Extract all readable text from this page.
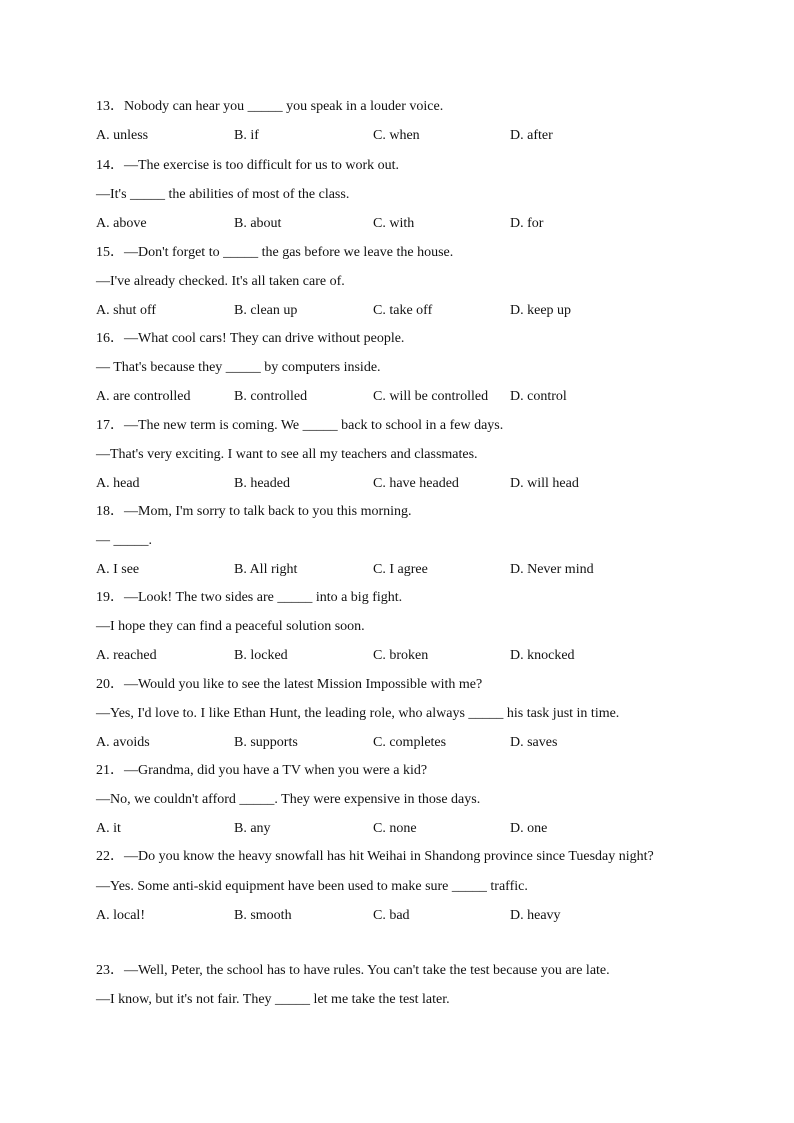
13．Nobody can hear you _____ you speak in a louder voice.
A. unless	B. if	C. when	D. after
14．—The exercise is too difficult for us to work out.
—It's _____ the abilities of most of the class.
A. above	B. about	C. with	D. for
15．—Don't forget to _____ the gas before we leave the house.
—I've already checked. It's all taken care of.
A. shut off	B. clean up	C. take off	D. keep up
16．—What cool cars! They can drive without people.
— That's because they _____ by computers inside.
A. are controlled	B. controlled	C. will be controlled D. control
17．—The new term is coming. We _____ back to school in a few days.
—That's very exciting. I want to see all my teachers and classmates.
A. head	B. headed	C. have headed	D. will head
18．—Mom, I'm sorry to talk back to you this morning.
— _____.
A. I see	B. All right	C. I agree	D. Never mind
19．—Look! The two sides are _____ into a big fight.
—I hope they can find a peaceful solution soon.
A. reached	B. locked	C. broken	D. knocked
20．—Would you like to see the latest Mission Impossible with me?
—Yes, I'd love to. I like Ethan Hunt, the leading role, who always _____ his task just in time.
A. avoids	B. supports	C. completes	D. saves
21．—Grandma, did you have a TV when you were a kid?
—No, we couldn't afford _____. They were expensive in those days.
A. it	B. any	C. none	D. one
22．—Do you know the heavy snowfall has hit Weihai in Shandong province since Tuesday night?
—Yes. Some anti-skid equipment have been used to make sure _____ traffic.
A. local!	B. smooth	C. bad	D. heavy
23．—Well, Peter, the school has to have rules. You can't take the test because you are late.
—I know, but it's not fair. They _____ let me take the test later.
